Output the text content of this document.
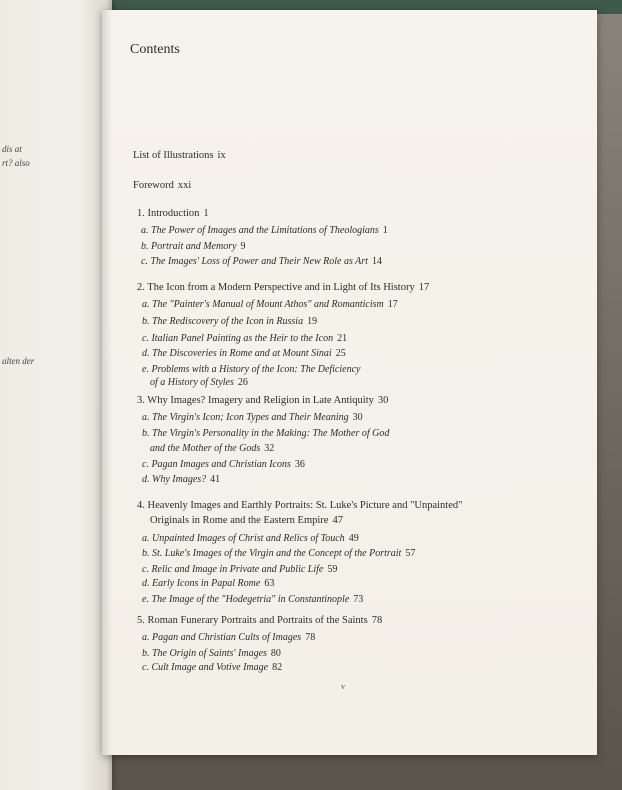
dis at
rt? also
alten der
Contents
List of Illustrations ix
Foreword xxi
1. Introduction 1
a. The Power of Images and the Limitations of Theologians 1
b. Portrait and Memory 9
c. The Images' Loss of Power and Their New Role as Art 14
2. The Icon from a Modern Perspective and in Light of Its History 17
a. The "Painter's Manual of Mount Athos" and Romanticism 17
b. The Rediscovery of the Icon in Russia 19
c. Italian Panel Painting as the Heir to the Icon 21
d. The Discoveries in Rome and at Mount Sinai 25
e. Problems with a History of the Icon: The Deficiency
of a History of Styles 26
3. Why Images? Imagery and Religion in Late Antiquity 30
a. The Virgin's Icon; Icon Types and Their Meaning 30
b. The Virgin's Personality in the Making: The Mother of God
and the Mother of the Gods 32
c. Pagan Images and Christian Icons 36
d. Why Images? 41
4. Heavenly Images and Earthly Portraits: St. Luke's Picture and "Unpainted"
Originals in Rome and the Eastern Empire 47
a. Unpainted Images of Christ and Relics of Touch 49
b. St. Luke's Images of the Virgin and the Concept of the Portrait 57
c. Relic and Image in Private and Public Life 59
d. Early Icons in Papal Rome 63
e. The Image of the "Hodegetria" in Constantinople 73
5. Roman Funerary Portraits and Portraits of the Saints 78
a. Pagan and Christian Cults of Images 78
b. The Origin of Saints' Images 80
c. Cult Image and Votive Image 82
v
